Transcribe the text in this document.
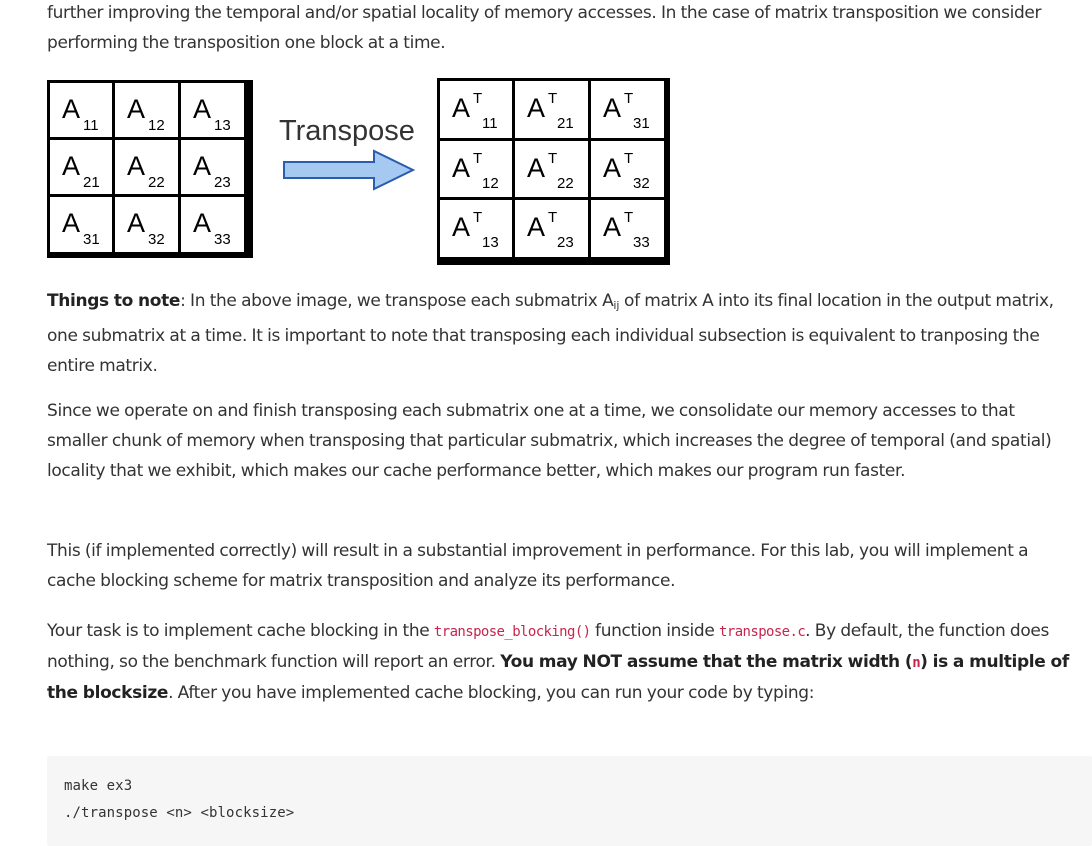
further improving the temporal and/or spatial locality of memory accesses. In the case of matrix transposition we consider performing the transposition one block at a time.

A
11
A
12
A
13
A
21
A
22
A
23
A
31
A
32
A
33
Transpose
A T
11
A T
21
A T
31
A T
12
A T
22
A T
32
A T
13
A T
23
A T
33

Things to note: In the above image, we transpose each submatrix $A_{ij}$ of matrix A into its final location in the output matrix, one submatrix at a time. It is important to note that transposing each individual subsection is equivalent to tranposing the entire matrix.

Since we operate on and finish transposing each submatrix one at a time, we consolidate our memory accesses to that smaller chunk of memory when transposing that particular submatrix, which increases the degree of temporal (and spatial) locality that we exhibit, which makes our cache performance better, which makes our program run faster.

This (if implemented correctly) will result in a substantial improvement in performance. For this lab, you will implement a cache blocking scheme for matrix transposition and analyze its performance.

Your task is to implement cache blocking in the transpose_blocking() function inside transpose.c. By default, the function does nothing, so the benchmark function will report an error. You may NOT assume that the matrix width (n) is a multiple of the blocksize. After you have implemented cache blocking, you can run your code by typing:

make ex3
./transpose <n> <blocksize>
